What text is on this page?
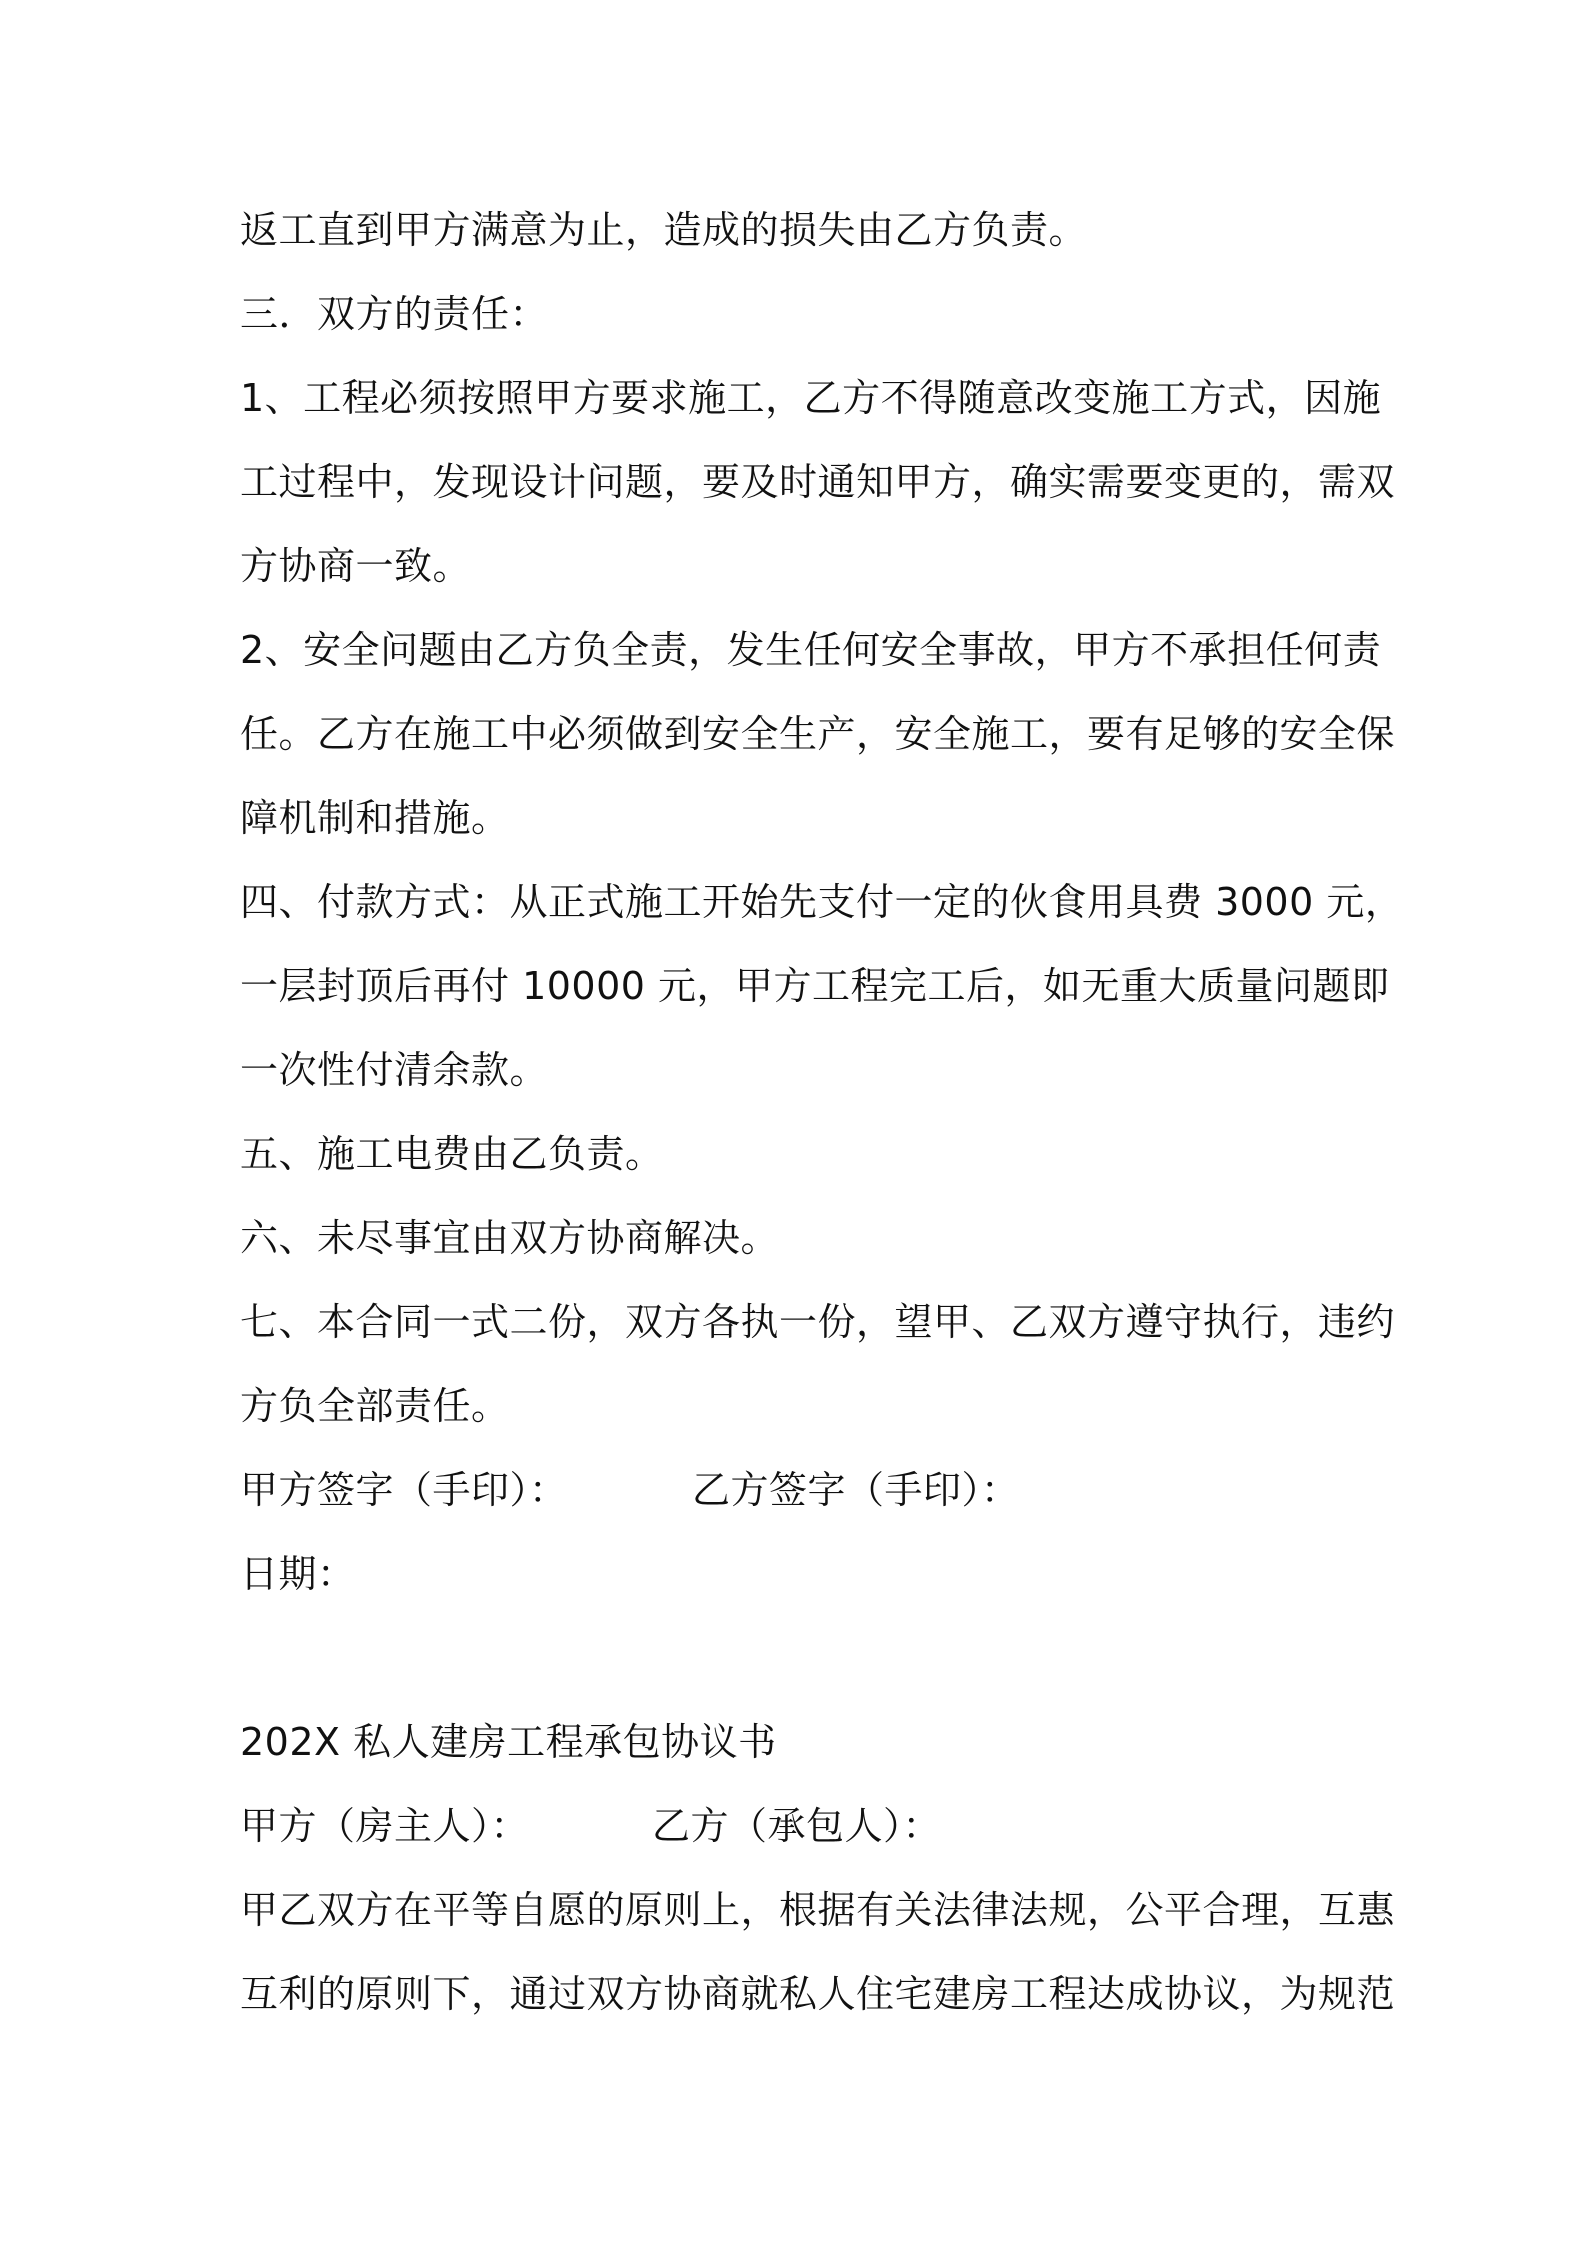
返工直到甲方满意为止，造成的损失由乙方负责。
三．双方的责任：
1、工程必须按照甲方要求施工，乙方不得随意改变施工方式，因施
工过程中，发现设计问题，要及时通知甲方，确实需要变更的，需双
方协商一致。
2、安全问题由乙方负全责，发生任何安全事故，甲方不承担任何责
任。乙方在施工中必须做到安全生产，安全施工，要有足够的安全保
障机制和措施。
四、付款方式：从正式施工开始先支付一定的伙食用具费 3000 元，
一层封顶后再付 10000 元，甲方工程完工后，如无重大质量问题即
一次性付清余款。
五、施工电费由乙负责。
六、未尽事宜由双方协商解决。
七、本合同一式二份，双方各执一份，望甲、乙双方遵守执行，违约
方负全部责任。
甲方签字（手印）：	乙方签字（手印）：
日期：
202X 私人建房工程承包协议书
甲方（房主人）：	乙方（承包人）：
甲乙双方在平等自愿的原则上，根据有关法律法规，公平合理，互惠
互利的原则下，通过双方协商就私人住宅建房工程达成协议，为规范
